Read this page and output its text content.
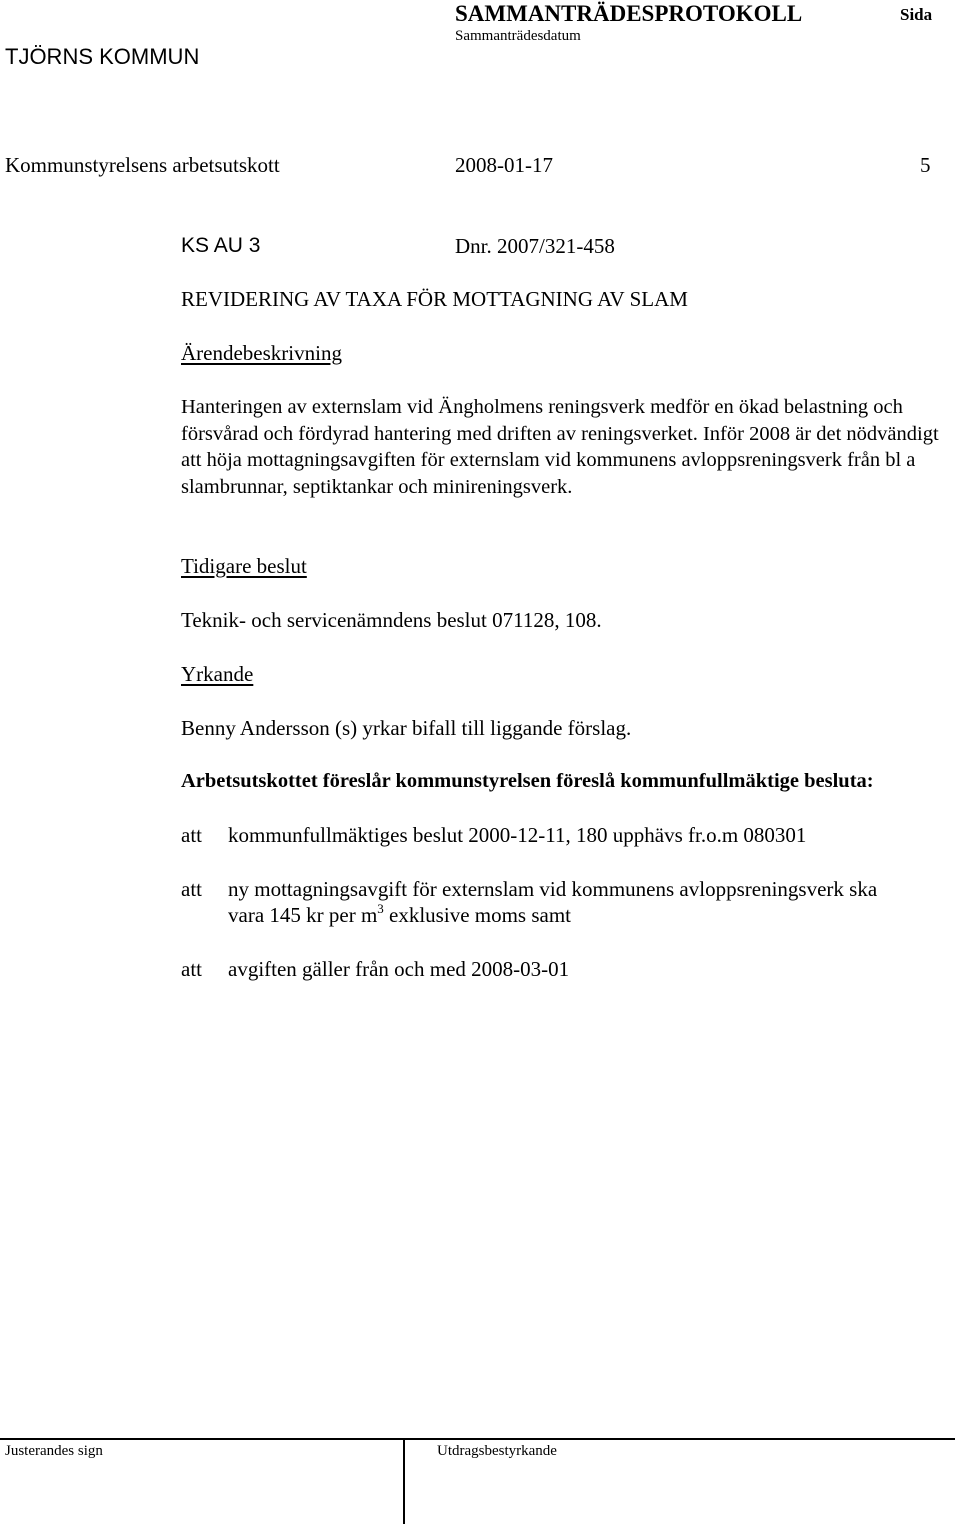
SAMMANTRÄDESPROTOKOLL	Sida
Sammanträdesdatum
TJÖRNS KOMMUN
Kommunstyrelsens arbetsutskott	2008-01-17	5
KS AU 3	Dnr. 2007/321-458
REVIDERING AV TAXA FÖR MOTTAGNING AV SLAM
Ärendebeskrivning
Hanteringen av externslam vid Ängholmens reningsverk medför en ökad belastning och försvårad och fördyrad hantering med driften av reningsverket. Inför 2008 är det nödvändigt att höja mottagningsavgiften för externslam vid kommunens avloppsreningsverk från bl a slambrunnar, septiktankar och minireningsverk.
Tidigare beslut
Teknik- och servicenämndens beslut 071128, 108.
Yrkande
Benny Andersson (s) yrkar bifall till liggande förslag.
Arbetsutskottet föreslår kommunstyrelsen föreslå kommunfullmäktige besluta:
att kommunfullmäktiges beslut 2000-12-11, 180 upphävs fr.o.m 080301
att ny mottagningsavgift för externslam vid kommunens avloppsreningsverk ska
vara 145 kr per $m^3$ exklusive moms samt
att avgiften gäller från och med 2008-03-01
Justerandes sign	Utdragsbestyrkande
